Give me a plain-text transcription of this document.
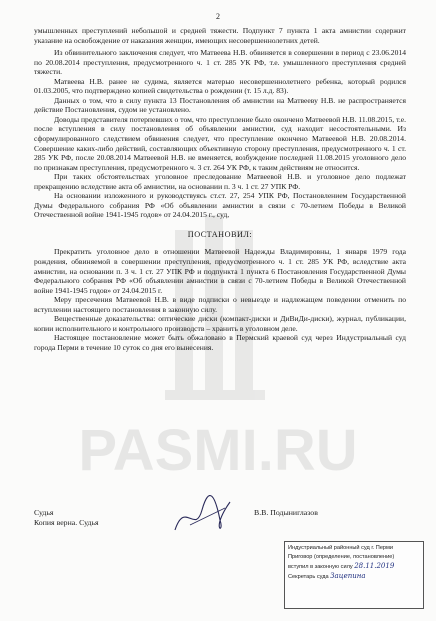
2

умышленных преступлений небольшой и средней тяжести. Подпункт 7 пункта 1 акта амнистии содержит указание на освобождение от наказания женщин, имеющих несовершеннолетних детей.

Из обвинительного заключения следует, что Матвеева Н.В. обвиняется в совершении в период с 23.06.2014 по 20.08.2014 преступления, предусмотренного ч. 1 ст. 285 УК РФ, т.е. умышленного преступления средней тяжести.

Матвеева Н.В. ранее не судима, является матерью несовершеннолетнего ребенка, который родился 01.03.2005, что подтверждено копией свидетельства о рождении (т. 15 л.д. 83).

Данных о том, что в силу пункта 13 Постановления об амнистии на Матвееву Н.В. не распространяется действие Постановления, судом не установлено.

Доводы представителя потерпевших о том, что преступление было окончено Матвеевой Н.В. 11.08.2015, т.е. после вступления в силу постановления об объявлении амнистии, суд находит несостоятельными. Из сформулированного следствием обвинения следует, что преступление окончено Матвеевой Н.В. 20.08.2014. Совершение каких-либо действий, составляющих объективную сторону преступления, предусмотренного ч. 1 ст. 285 УК РФ, после 20.08.2014 Матвеевой Н.В. не вменяется, возбуждение последней 11.08.2015 уголовного дело по признакам преступления, предусмотренного ч. 3 ст. 264 УК РФ, к таким действиям не относится.

При таких обстоятельствах уголовное преследование Матвеевой Н.В. и уголовное дело подлежат прекращению вследствие акта об амнистии, на основании п. 3 ч. 1 ст. 27 УПК РФ.

На основании изложенного и руководствуясь ст.ст. 27, 254 УПК РФ, Постановлением Государственной Думы Федерального собрания РФ «Об объявлении амнистии в связи с 70-летием Победы в Великой Отечественной войне 1941-1945 годов» от 24.04.2015 г., суд,

ПОСТАНОВИЛ:

Прекратить уголовное дело в отношении Матвеевой Надежды Владимировны, 1 января 1979 года рождения, обвиняемой в совершении преступления, предусмотренного ч. 1 ст. 285 УК РФ, вследствие акта амнистии, на основании п. 3 ч. 1 ст. 27 УПК РФ и подпункта 1 пункта 6 Постановления Государственной Думы Федерального собрания РФ «Об объявлении амнистии в связи с 70-летием Победы в Великой Отечественной войне 1941-1945 годов» от 24.04.2015 г.

Меру пресечения Матвеевой Н.В. в виде подписки о невыезде и надлежащем поведении отменить по вступлении настоящего постановления в законную силу.

Вещественные доказательства: оптические диски (компакт-диски и ДиВиДи-диски), журнал, публикации, копии исполнительного и контрольного производств – хранить в уголовном деле.

Настоящее постановление может быть обжаловано в Пермский краевой суд через Индустриальный суд города Перми в течение 10 суток со дня его вынесения.

Судья
Копия верна. Судья
В.В. Подыниглазов
Индустриальный районный суд г. Перми
Приговор (определение, постановление)
вступил в законную силу 28.11.2019
Секретарь суда Зацепина
PASMI.RU
